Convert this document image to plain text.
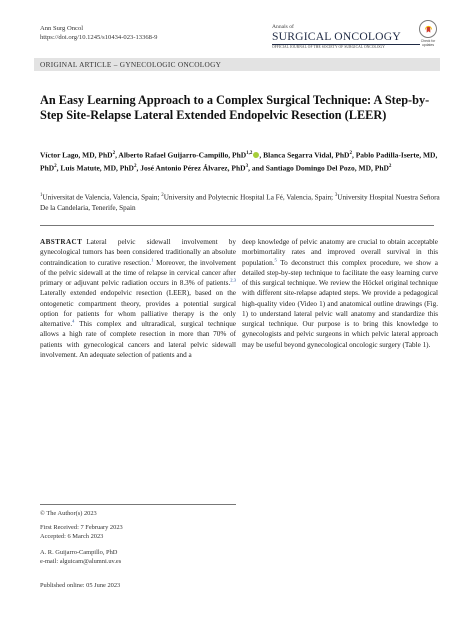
Ann Surg Oncol
https://doi.org/10.1245/s10434-023-13368-9
Annals of
SURGICAL ONCOLOGY
OFFICIAL JOURNAL OF THE SOCIETY OF SURGICAL ONCOLOGY
Check for
updates
ORIGINAL ARTICLE – GYNECOLOGIC ONCOLOGY
An Easy Learning Approach to a Complex Surgical Technique: A Step-by-Step Site-Relapse Lateral Extended Endopelvic Resection (LEER)
Víctor Lago, MD, PhD$^2$, Alberto Rafael Guijarro-Campillo, PhD$^{1,2}$ , Blanca Segarra Vidal, PhD$^2$, Pablo Padilla-Iserte, MD, PhD$^2$, Luis Matute, MD, PhD$^2$, José Antonio Pérez Álvarez, PhD$^3$, and Santiago Domingo Del Pozo, MD, PhD$^2$
$^1$Universitat de Valencia, Valencia, Spain; $^2$University and Polytecnic Hospital La Fé, Valencia, Spain; $^3$University Hospital Nuestra Señora De la Candelaria, Tenerife, Spain
ABSTRACT Lateral pelvic sidewall involvement by gynecological tumors has been considered traditionally an absolute contraindication to curative resection.$^1$ Moreover, the involvement of the pelvic sidewall at the time of relapse in cervical cancer after primary or adjuvant pelvic radiation occurs in 8.3% of patients.$^{2,3}$ Laterally extended endopelvic resection (LEER), based on the ontogenetic compartment theory, provides a potential surgical option for patients for whom palliative therapy is the only alternative.$^4$ This complex and ultraradical, surgical technique allows a high rate of complete resection in more than 70% of patients with gynecological cancers and lateral pelvic sidewall involvement. An adequate selection of patients and a
deep knowledge of pelvic anatomy are crucial to obtain acceptable morbimortality rates and improved overall survival in this population.$^5$ To deconstruct this complex procedure, we show a detailed step-by-step technique to facilitate the easy learning curve of this surgical technique. We review the Höckel original technique with different site-relapse adapted steps. We provide a pedagogical high-quality video (Video 1) and anatomical outline drawings (Fig. 1) to understand lateral pelvic wall anatomy and standardize this surgical technique. Our purpose is to bring this knowledge to gynecologists and pelvic surgeons in which pelvic lateral approach may be useful beyond gynecological oncologic surgery (Table 1).
© The Author(s) 2023
First Received: 7 February 2023
Accepted: 6 March 2023
A. R. Guijarro-Campillo, PhD
e-mail: alguicam@alumni.uv.es
Published online: 05 June 2023
